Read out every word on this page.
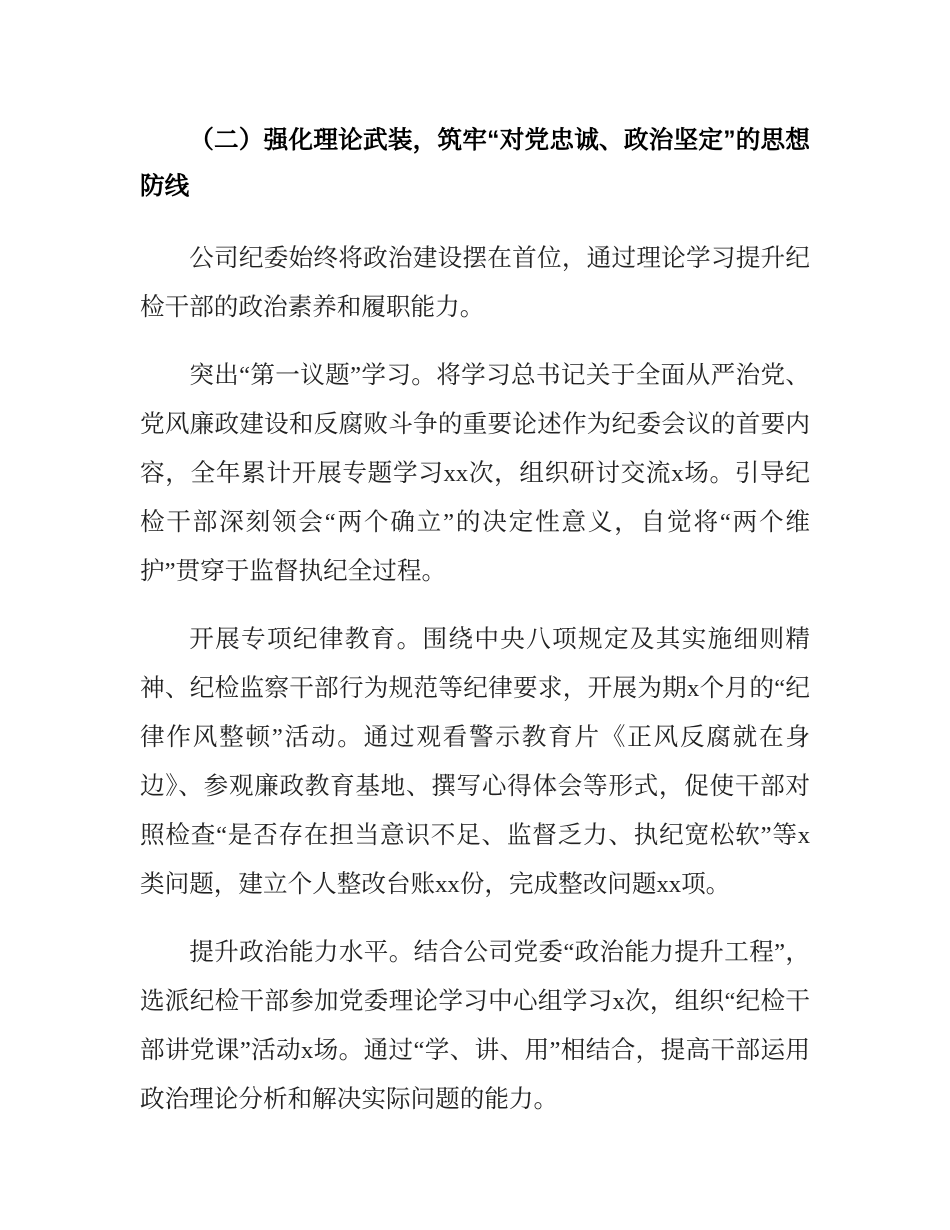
（二）强化理论武装，筑牢“对党忠诚、政治坚定”的思想防线

公司纪委始终将政治建设摆在首位，通过理论学习提升纪检干部的政治素养和履职能力。

突出“第一议题”学习。将学习总书记关于全面从严治党、党风廉政建设和反腐败斗争的重要论述作为纪委会议的首要内容，全年累计开展专题学习xx次，组织研讨交流x场。引导纪检干部深刻领会“两个确立”的决定性意义，自觉将“两个维护”贯穿于监督执纪全过程。

开展专项纪律教育。围绕中央八项规定及其实施细则精神、纪检监察干部行为规范等纪律要求，开展为期x个月的“纪律作风整顿”活动。通过观看警示教育片《正风反腐就在身边》、参观廉政教育基地、撰写心得体会等形式，促使干部对照检查“是否存在担当意识不足、监督乏力、执纪宽松软”等x类问题，建立个人整改台账xx份，完成整改问题xx项。

提升政治能力水平。结合公司党委“政治能力提升工程”，选派纪检干部参加党委理论学习中心组学习x次，组织“纪检干部讲党课”活动x场。通过“学、讲、用”相结合，提高干部运用政治理论分析和解决实际问题的能力。
